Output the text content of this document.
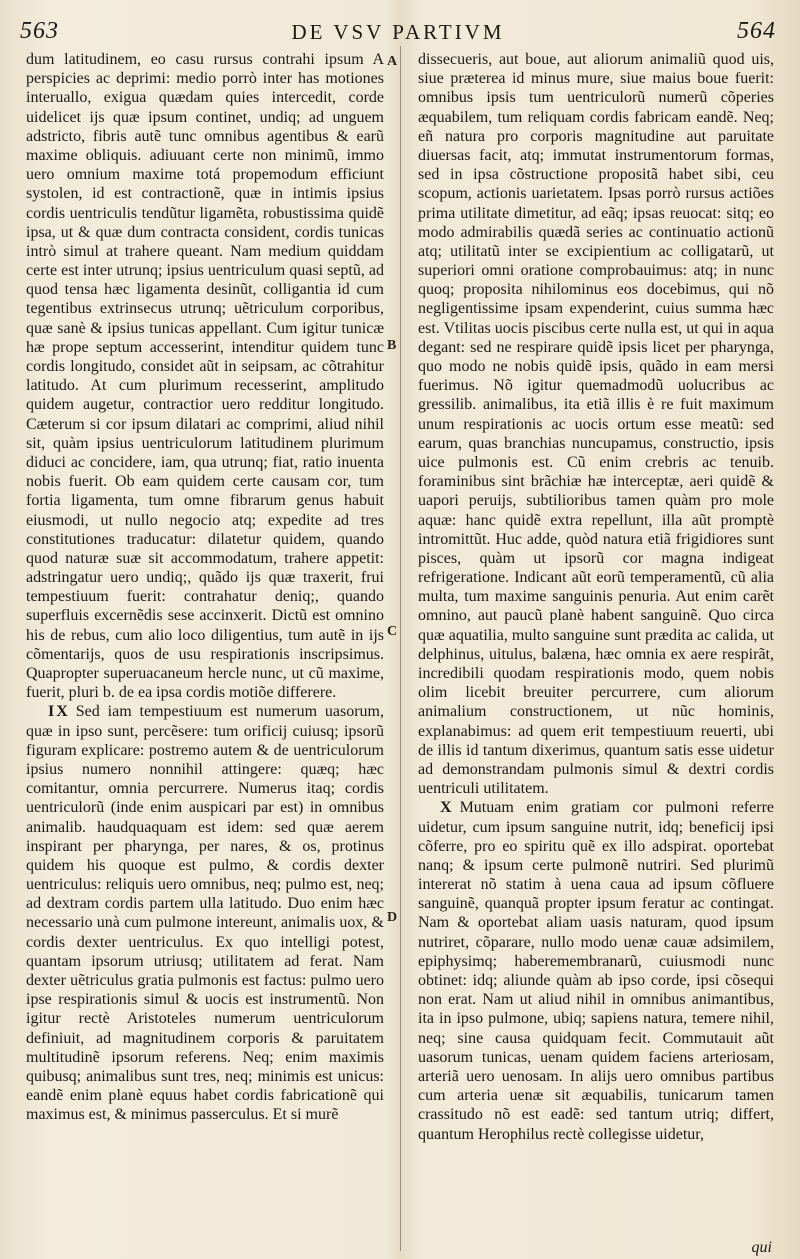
563	DE VSV PARTIVM	564

dum latitudinem, eo casu rursus contrahi ipsum A perspicies ac deprimi: medio porrò inter has motiones interuallo, exigua quædam quies intercedit, corde uidelicet ijs quæ ipsum continet, undiq; ad unguem adstricto, fibris autẽ tunc omnibus agentibus & earũ maxime obliquis. adiuuant certe non minimũ, immo uero omnium maxime totá propemodum efficiunt systolen, id est contractionẽ, quæ in intimis ipsius cordis uentriculis tendũtur ligamẽta, robustissima quidẽ ipsa, ut & quæ dum contracta consident, cordis tunicas intrò simul at trahere queant. Nam medium quiddam certe est inter utrunq; ipsius uentriculum quasi septũ, ad quod tensa hæc ligamenta desinũt, colligantia id cum tegentibus extrinsecus utrunq; uẽtriculum corporibus, quæ sanè & ipsius tunicas appellant. Cum igitur tunicæ hæ prope septum accesserint, intenditur quidem tunc cordis longitudo, considet aũt in seipsam, ac cõtrahitur latitudo. At cum plurimum recesserint, amplitudo quidem augetur, contractior uero redditur longitudo. Cæterum si cor ipsum dilatari ac comprimi, aliud nihil sit, quàm ipsius uentriculorum latitudinem plurimum diduci ac concidere, iam, qua utrunq; fiat, ratio inuenta nobis fuerit. Ob eam quidem certe causam cor, tum fortia ligamenta, tum omne fibrarum genus habuit eiusmodi, ut nullo negocio atq; expedite ad tres constitutiones traducatur: dilatetur quidem, quando quod naturæ suæ sit accommodatum, trahere appetit: adstringatur uero undiq;, quãdo ijs quæ traxerit, frui tempestiuum fuerit: contrahatur deniq;, quando superfluis excernẽdis sese accinxerit. Dictũ est omnino his de rebus, cum alio loco diligentius, tum autẽ in ijs cõmentarijs, quos de usu respirationis inscripsimus. Quapropter superuacaneum hercle nunc, ut cũ maxime, fuerit, pluri b. de ea ipsa cordis motiõe differere.

IX Sed iam tempestiuum est numerum uasorum, quæ in ipso sunt, percẽsere: tum orificij cuiusq; ipsorũ figuram explicare: postremo autem & de uentriculorum ipsius numero nonnihil attingere: quæq; hæc comitantur, omnia percurrere. Numerus itaq; cordis uentriculorũ (inde enim auspicari par est) in omnibus animalib. haudquaquam est idem: sed quæ aerem inspirant per pharynga, per nares, & os, protinus quidem his quoque est pulmo, & cordis dexter uentriculus: reliquis uero omnibus, neq; pulmo est, neq; ad dextram cordis partem ulla latitudo. Duo enim hæc necessario unà cum pulmone intereunt, animalis uox, & cordis dexter uentriculus. Ex quo intelligi potest, quantam ipsorum utriusq; utilitatem ad ferat. Nam dexter uẽtriculus gratia pulmonis est factus: pulmo uero ipse respirationis simul & uocis est instrumentũ. Non igitur rectè Aristoteles numerum uentriculorum definiuit, ad magnitudinem corporis & paruitatem multitudinẽ ipsorum referens. Neq; enim maximis quibusq; animalibus sunt tres, neq; minimis est unicus: eandẽ enim planè equus habet cordis fabricationẽ qui maximus est, & minimus passerculus. Et si murẽ

A
B
C
D

dissecueris, aut boue, aut aliorum animaliũ quod uis, siue præterea id minus mure, siue maius boue fuerit: omnibus ipsis tum uentriculorũ numerũ cõperies æquabilem, tum reliquam cordis fabricam eandẽ. Neq; eñ natura pro corporis magnitudine aut paruitate diuersas facit, atq; immutat instrumentorum formas, sed in ipsa cõstructione propositã habet sibi, ceu scopum, actionis uarietatem. Ipsas porrò rursus actiões prima utilitate dimetitur, ad eãq; ipsas reuocat: sitq; eo modo admirabilis quædã series ac continuatio actionũ atq; utilitatũ inter se excipientium ac colligatarũ, ut superiori omni oratione comprobauimus: atq; in nunc quoq; proposita nihilominus eos docebimus, qui nõ negligentissime ipsam expenderint, cuius summa hæc est. Vtilitas uocis piscibus certe nulla est, ut qui in aqua degant: sed ne respirare quidẽ ipsis licet per pharynga, quo modo ne nobis quidẽ ipsis, quãdo in eam mersi fuerimus. Nõ igitur quemadmodũ uolucribus ac gressilib. animalibus, ita etiã illis è re fuit maximum unum respirationis ac uocis ortum esse meatũ: sed earum, quas branchias nuncupamus, constructio, ipsis uice pulmonis est. Cũ enim crebris ac tenuib. foraminibus sint brãchiæ hæ interceptæ, aeri quidẽ & uapori peruijs, subtilioribus tamen quàm pro mole aquæ: hanc quidẽ extra repellunt, illa aũt promptè intromittũt. Huc adde, quòd natura etiã frigidiores sunt pisces, quàm ut ipsorũ cor magna indigeat refrigeratione. Indicant aũt eorũ temperamentũ, cũ alia multa, tum maxime sanguinis penuria. Aut enim carẽt omnino, aut paucũ planè habent sanguinẽ. Quo circa quæ aquatilia, multo sanguine sunt prædita ac calida, ut delphinus, uitulus, balæna, hæc omnia ex aere respirãt, incredibili quodam respirationis modo, quem nobis olim licebit breuiter percurrere, cum aliorum animalium constructionem, ut nũc hominis, explanabimus: ad quem erit tempestiuum reuerti, ubi de illis id tantum dixerimus, quantum satis esse uidetur ad demonstrandam pulmonis simul & dextri cordis uentriculi utilitatem.

X Mutuam enim gratiam cor pulmoni referre uidetur, cum ipsum sanguine nutrit, idq; beneficij ipsi cõferre, pro eo spiritu quẽ ex illo adspirat. oportebat nanq; & ipsum certe pulmonẽ nutriri. Sed plurimũ intererat nõ statim à uena caua ad ipsum cõfluere sanguinẽ, quanquã propter ipsum feratur ac contingat. Nam & oportebat aliam uasis naturam, quod ipsum nutriret, cõparare, nullo modo uenæ cauæ adsimilem, epiphysimq; haberemembranarũ, cuiusmodi nunc obtinet: idq; aliunde quàm ab ipso corde, ipsi cõsequi non erat. Nam ut aliud nihil in omnibus animantibus, ita in ipso pulmone, ubiq; sapiens natura, temere nihil, neq; sine causa quidquam fecit. Commutauit aũt uasorum tunicas, uenam quidem faciens arteriosam, arteriã uero uenosam. In alijs uero omnibus partibus cum arteria uenæ sit æquabilis, tunicarum tamen crassitudo nõ est eadẽ: sed tantum utriq; differt, quantum Herophilus rectè collegisse uidetur,

qui
